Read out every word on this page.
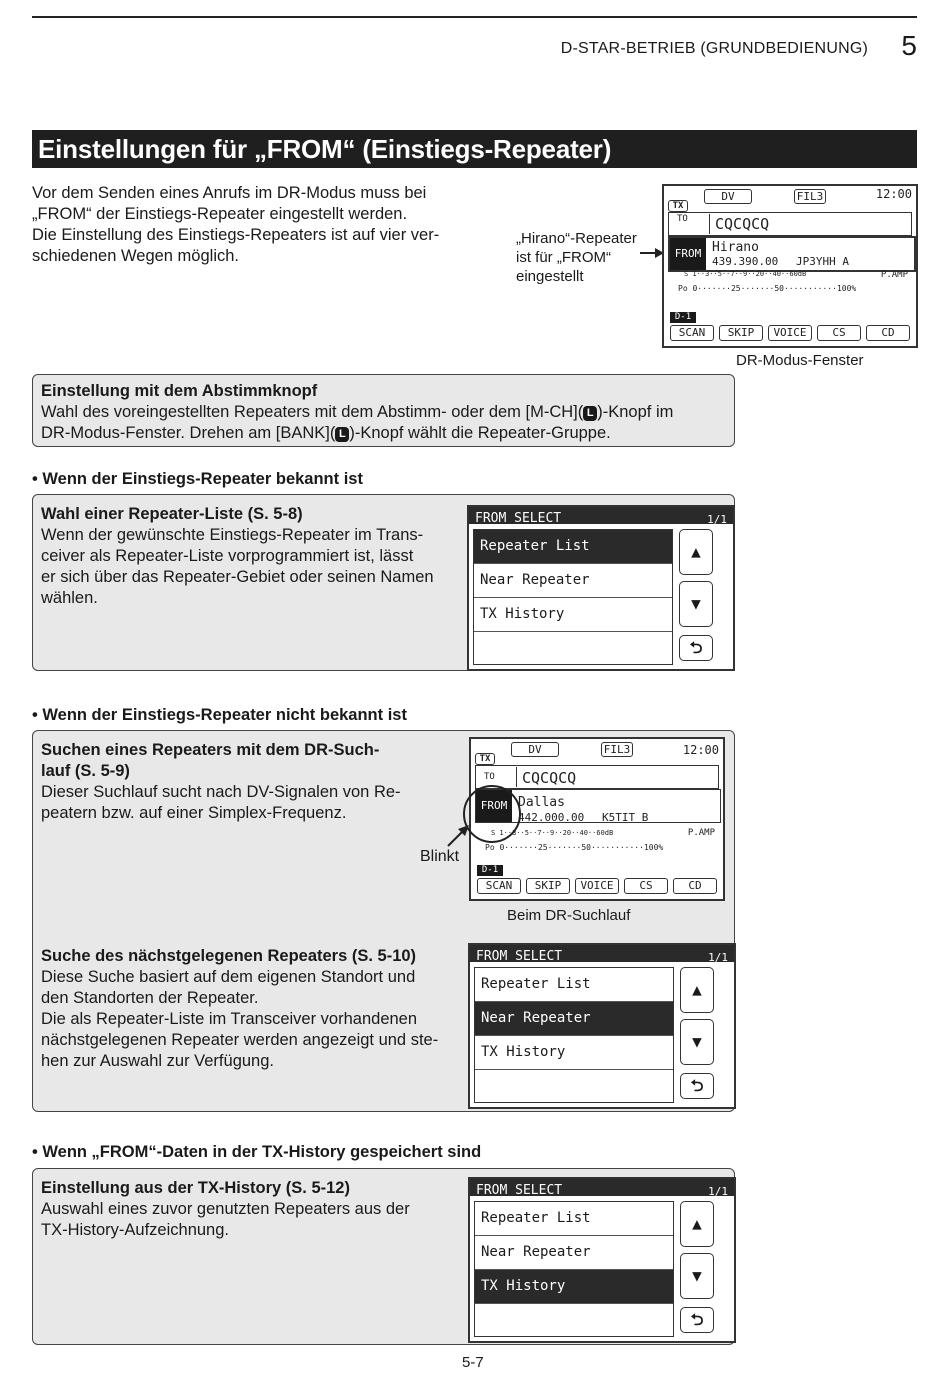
D-STAR-BETRIEB (GRUNDBEDIENUNG) 5
Einstellungen für „FROM“ (Einstiegs-Repeater)
Vor dem Senden eines Anrufs im DR-Modus muss bei
„FROM“ der Einstiegs-Repeater eingestellt werden.
Die Einstellung des Einstiegs-Repeaters ist auf vier ver-
schiedenen Wegen möglich.
„Hirano“-Repeater
ist für „FROM“
eingestellt
TX
DV	FIL3	12:00
TO CQCQCQ
FROM Hirano
439.390.00 JP3YHH A
S 1··3··5··7··9··20··40··60dB	P.AMP
Po 0·······25·······50···········100%
D-1
SCAN	SKIP	VOICE	CS	CD
DR-Modus-Fenster
Einstellung mit dem Abstimmknopf
Wahl des voreingestellten Repeaters mit dem Abstimm- oder dem [M-CH]( L )-Knopf im
DR-Modus-Fenster. Drehen am [BANK]( L )-Knopf wählt die Repeater-Gruppe.
• Wenn der Einstiegs-Repeater bekannt ist
Wahl einer Repeater-Liste (S. 5-8)
Wenn der gewünschte Einstiegs-Repeater im Trans-
ceiver als Repeater-Liste vorprogrammiert ist, lässt
er sich über das Repeater-Gebiet oder seinen Namen
wählen.
FROM SELECT	1/1
Repeater List
Near Repeater
TX History
▲
▼
⮌
• Wenn der Einstiegs-Repeater nicht bekannt ist
Suchen eines Repeaters mit dem DR-Such-
lauf (S. 5-9)
Dieser Suchlauf sucht nach DV-Signalen von Re-
peatern bzw. auf einer Simplex-Frequenz.
Blinkt
TX
DV	FIL3	12:00
TO CQCQCQ
FROM Dallas
442.000.00 K5TIT B
S 1··3··5··7··9··20··40··60dB	P.AMP
Po 0·······25·······50···········100%
D-1
SCAN	SKIP	VOICE	CS	CD
Beim DR-Suchlauf
Suche des nächstgelegenen Repeaters (S. 5-10)
Diese Suche basiert auf dem eigenen Standort und
den Standorten der Repeater.
Die als Repeater-Liste im Transceiver vorhandenen
nächstgelegenen Repeater werden angezeigt und ste-
hen zur Auswahl zur Verfügung.
FROM SELECT	1/1
Repeater List
Near Repeater
TX History
▲
▼
⮌
• Wenn „FROM“-Daten in der TX-History gespeichert sind
Einstellung aus der TX-History (S. 5-12)
Auswahl eines zuvor genutzten Repeaters aus der
TX-History-Aufzeichnung.
FROM SELECT	1/1
Repeater List
Near Repeater
TX History
▲
▼
⮌
5-7
